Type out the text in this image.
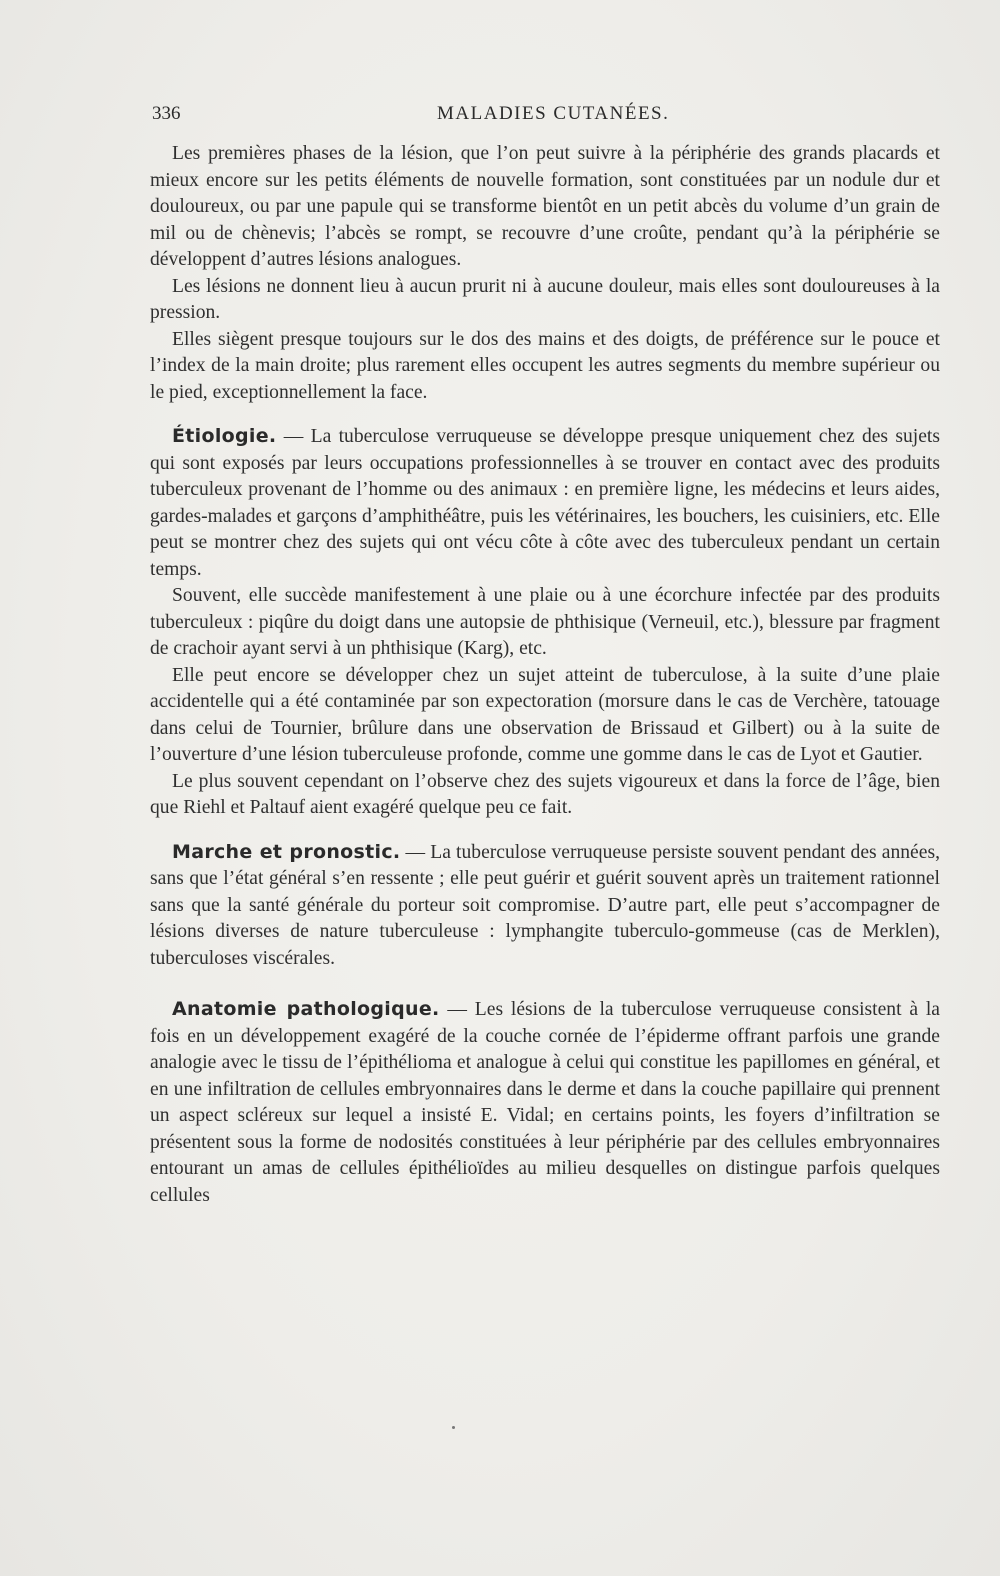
336	MALADIES CUTANÉES.

Les premières phases de la lésion, que l’on peut suivre à la périphérie des grands placards et mieux encore sur les petits éléments de nouvelle formation, sont constituées par un nodule dur et douloureux, ou par une papule qui se transforme bientôt en un petit abcès du volume d’un grain de mil ou de chènevis; l’abcès se rompt, se recouvre d’une croûte, pendant qu’à la périphérie se développent d’autres lésions analogues.

Les lésions ne donnent lieu à aucun prurit ni à aucune douleur, mais elles sont douloureuses à la pression.

Elles siègent presque toujours sur le dos des mains et des doigts, de préférence sur le pouce et l’index de la main droite; plus rarement elles occupent les autres segments du membre supérieur ou le pied, exceptionnellement la face.

Étiologie. — La tuberculose verruqueuse se développe presque uniquement chez des sujets qui sont exposés par leurs occupations professionnelles à se trouver en contact avec des produits tuberculeux provenant de l’homme ou des animaux : en première ligne, les médecins et leurs aides, gardes-malades et garçons d’amphithéâtre, puis les vétérinaires, les bouchers, les cuisiniers, etc. Elle peut se montrer chez des sujets qui ont vécu côte à côte avec des tuberculeux pendant un certain temps.

Souvent, elle succède manifestement à une plaie ou à une écorchure infectée par des produits tuberculeux : piqûre du doigt dans une autopsie de phthisique (Verneuil, etc.), blessure par fragment de crachoir ayant servi à un phthisique (Karg), etc.

Elle peut encore se développer chez un sujet atteint de tuberculose, à la suite d’une plaie accidentelle qui a été contaminée par son expectoration (morsure dans le cas de Verchère, tatouage dans celui de Tournier, brûlure dans une observation de Brissaud et Gilbert) ou à la suite de l’ouverture d’une lésion tuberculeuse profonde, comme une gomme dans le cas de Lyot et Gautier.

Le plus souvent cependant on l’observe chez des sujets vigoureux et dans la force de l’âge, bien que Riehl et Paltauf aient exagéré quelque peu ce fait.

Marche et pronostic. — La tuberculose verruqueuse persiste souvent pendant des années, sans que l’état général s’en ressente ; elle peut guérir et guérit souvent après un traitement rationnel sans que la santé générale du porteur soit compromise. D’autre part, elle peut s’accompagner de lésions diverses de nature tuberculeuse : lymphangite tuberculo-gommeuse (cas de Merklen), tuberculoses viscérales.

Anatomie pathologique. — Les lésions de la tuberculose verruqueuse consistent à la fois en un développement exagéré de la couche cornée de l’épiderme offrant parfois une grande analogie avec le tissu de l’épithélioma et analogue à celui qui constitue les papillomes en général, et en une infiltration de cellules embryonnaires dans le derme et dans la couche papillaire qui prennent un aspect scléreux sur lequel a insisté E. Vidal; en certains points, les foyers d’infiltration se présentent sous la forme de nodosités constituées à leur périphérie par des cellules embryonnaires entourant un amas de cellules épithélioïdes au milieu desquelles on distingue parfois quelques cellules
